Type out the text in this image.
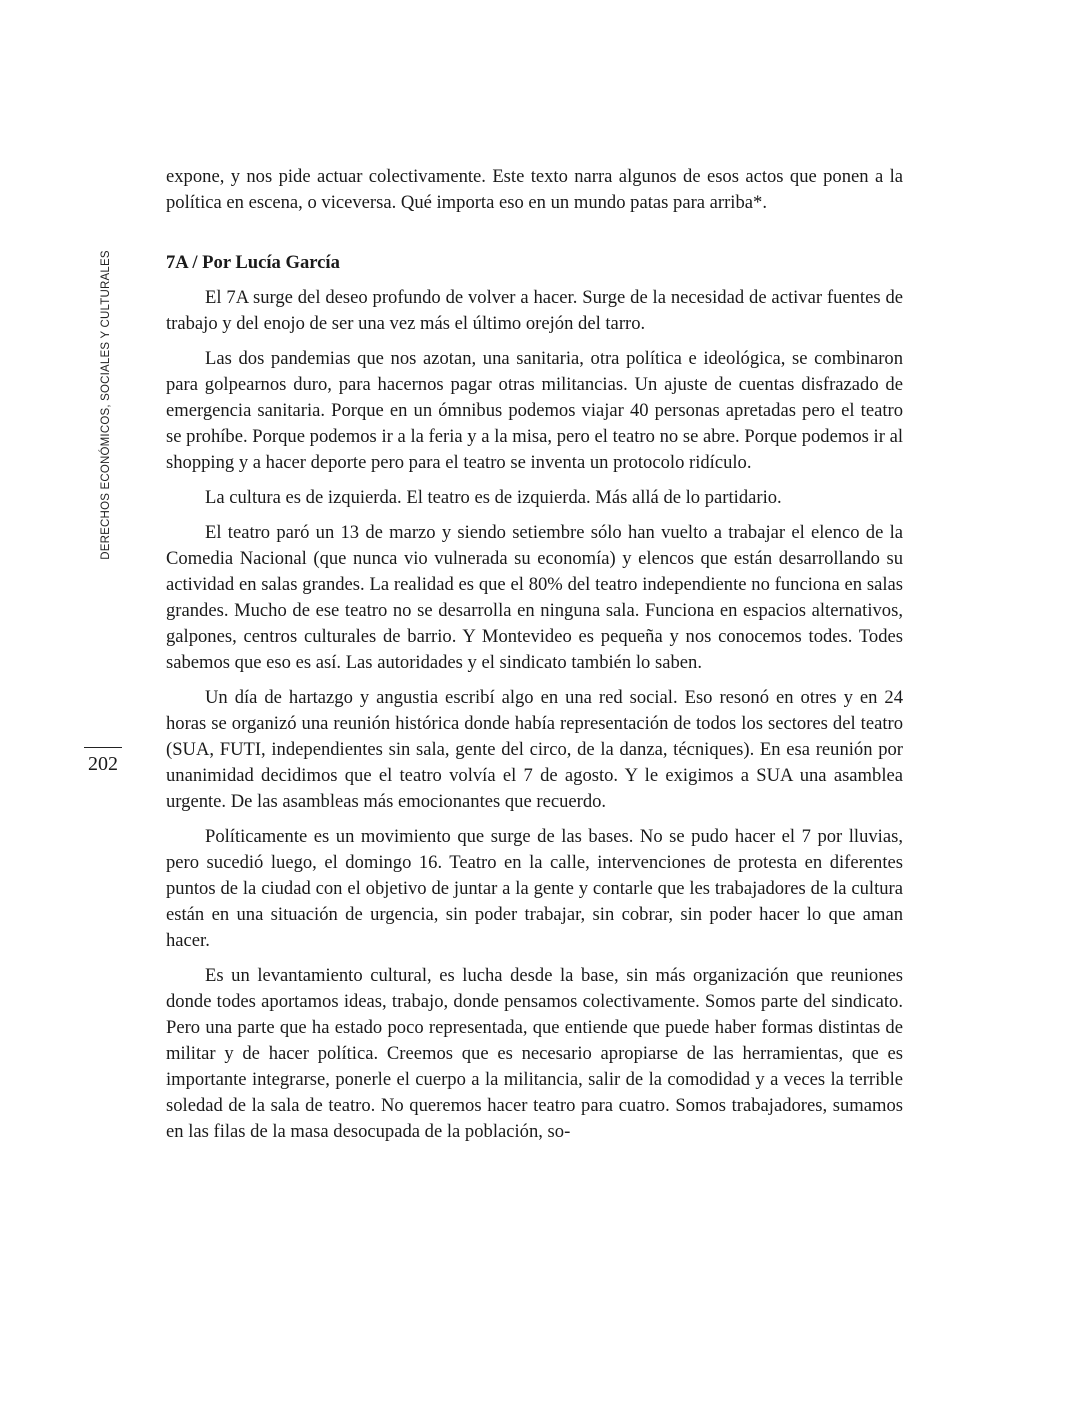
DERECHOS ECONÓMICOS, SOCIALES Y CULTURALES
202

expone, y nos pide actuar colectivamente. Este texto narra algunos de esos actos que ponen a la política en escena, o viceversa. Qué importa eso en un mundo patas para arriba*.

7A / Por Lucía García

El 7A surge del deseo profundo de volver a hacer. Surge de la necesidad de activar fuentes de trabajo y del enojo de ser una vez más el último orejón del tarro.

Las dos pandemias que nos azotan, una sanitaria, otra política e ideológica, se combinaron para golpearnos duro, para hacernos pagar otras militancias. Un ajuste de cuentas disfrazado de emergencia sanitaria. Porque en un ómnibus podemos viajar 40 personas apretadas pero el teatro se prohíbe. Porque podemos ir a la feria y a la misa, pero el teatro no se abre. Porque podemos ir al shopping y a hacer deporte pero para el teatro se inventa un protocolo ridículo.

La cultura es de izquierda. El teatro es de izquierda. Más allá de lo partidario.

El teatro paró un 13 de marzo y siendo setiembre sólo han vuelto a trabajar el elenco de la Comedia Nacional (que nunca vio vulnerada su economía) y elencos que están desarrollando su actividad en salas grandes. La realidad es que el 80% del teatro independiente no funciona en salas grandes. Mucho de ese teatro no se desarrolla en ninguna sala. Funciona en espacios alternativos, galpones, centros culturales de barrio. Y Montevideo es pequeña y nos conocemos todes. Todes sabemos que eso es así. Las autoridades y el sindicato también lo saben.

Un día de hartazgo y angustia escribí algo en una red social. Eso resonó en otres y en 24 horas se organizó una reunión histórica donde había representación de todos los sectores del teatro (SUA, FUTI, independientes sin sala, gente del circo, de la danza, técniques). En esa reunión por unanimidad decidimos que el teatro volvía el 7 de agosto. Y le exigimos a SUA una asamblea urgente. De las asambleas más emocionantes que recuerdo.

Políticamente es un movimiento que surge de las bases. No se pudo hacer el 7 por lluvias, pero sucedió luego, el domingo 16. Teatro en la calle, intervenciones de protesta en diferentes puntos de la ciudad con el objetivo de juntar a la gente y contarle que les trabajadores de la cultura están en una situación de urgencia, sin poder trabajar, sin cobrar, sin poder hacer lo que aman hacer.

Es un levantamiento cultural, es lucha desde la base, sin más organización que reuniones donde todes aportamos ideas, trabajo, donde pensamos colectivamente. Somos parte del sindicato. Pero una parte que ha estado poco representada, que entiende que puede haber formas distintas de militar y de hacer política. Creemos que es necesario apropiarse de las herramientas, que es importante integrarse, ponerle el cuerpo a la militancia, salir de la comodidad y a veces la terrible soledad de la sala de teatro. No queremos hacer teatro para cuatro. Somos trabajadores, sumamos en las filas de la masa desocupada de la población, so-
